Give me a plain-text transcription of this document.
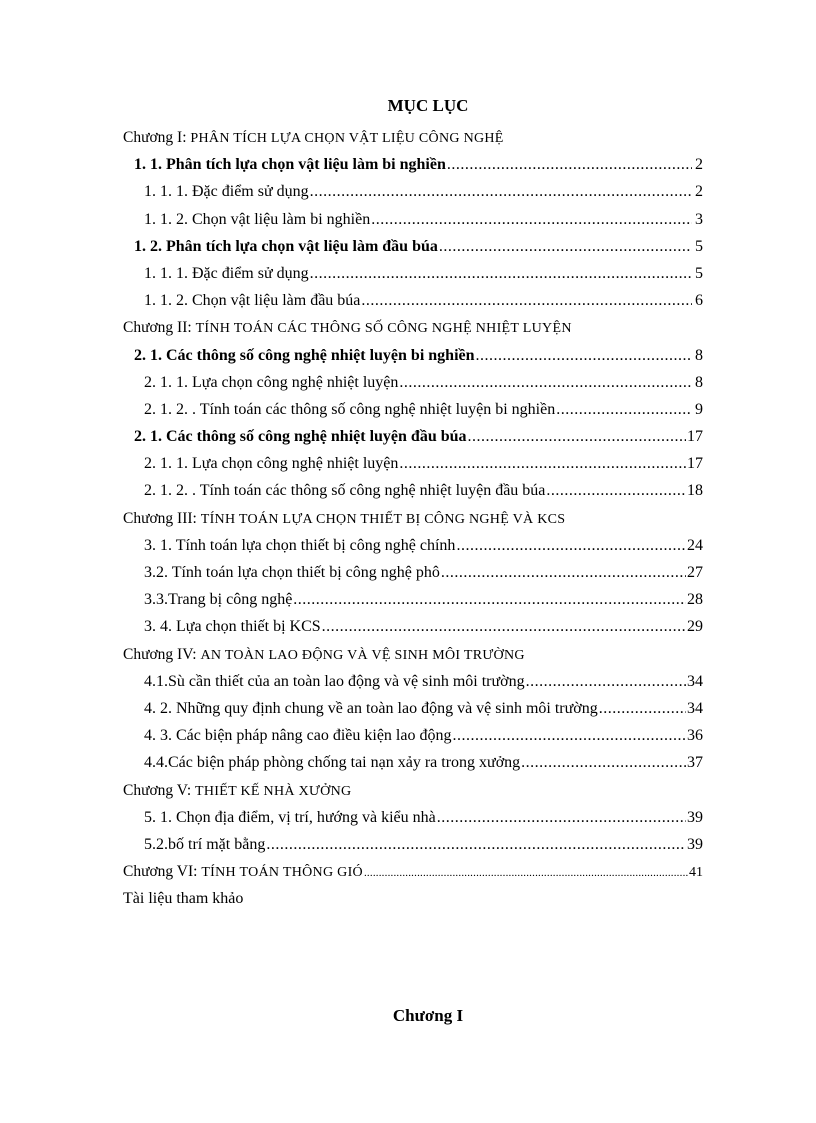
MỤC LỤC
Chương I: PHÂN TÍCH LỰA CHỌN VẬT LIỆU CÔNG NGHỆ
1. 1. Phân tích lựa chọn vật liệu làm bi nghiền .....	2
1. 1. 1. Đặc điểm sử dụng .....	2
1. 1. 2. Chọn vật liệu làm bi nghiền .....	3
1. 2. Phân tích lựa chọn vật liệu làm đầu búa .....	5
1. 1. 1. Đặc điểm sử dụng .....	5
1. 1. 2. Chọn vật liệu làm đầu búa .....	6
Chương II: TÍNH TOÁN CÁC THÔNG SỐ CÔNG NGHỆ NHIỆT LUYỆN
2. 1. Các thông số công nghệ nhiệt luyện bi nghiền .....	8
2. 1. 1. Lựa chọn công nghệ nhiệt luyện .....	8
2. 1. 2. . Tính toán các thông số công nghệ nhiệt luyện bi nghiền .....	9
2. 1. Các thông số công nghệ nhiệt luyện đầu búa .....	17
2. 1. 1. Lựa chọn công nghệ nhiệt luyện .....	17
2. 1. 2. . Tính toán các thông số công nghệ nhiệt luyện đầu búa .....	18
Chương III: TÍNH TOÁN LỰA CHỌN THIẾT BỊ CÔNG NGHỆ VÀ KCS
3. 1. Tính toán lựa chọn thiết bị công nghệ chính .....	24
3.2. Tính toán lựa chọn thiết bị công nghệ phô .....	27
3.3.Trang bị công nghệ .....	28
3. 4. Lựa chọn thiết bị KCS .....	29
Chương IV: AN TOÀN LAO ĐỘNG VÀ VỆ SINH MÔI TRƯỜNG
4.1.Sù cần thiết của an toàn lao động và vệ sinh môi trường .....	34
4. 2. Những quy định chung về an toàn lao động và vệ sinh môi trường .....	34
4. 3. Các biện pháp nâng cao điều kiện lao động .....	36
4.4.Các biện pháp phòng chống tai nạn xảy ra trong xưởng .....	37
Chương V: THIẾT KẾ NHÀ XƯỞNG
5. 1. Chọn địa điểm, vị trí, hướng và kiểu nhà .....	39
5.2.bố trí mặt bằng .....	39
Chương VI: TÍNH TOÁN THÔNG GIÓ .....	41
Tài liệu tham khảo
Chương I
